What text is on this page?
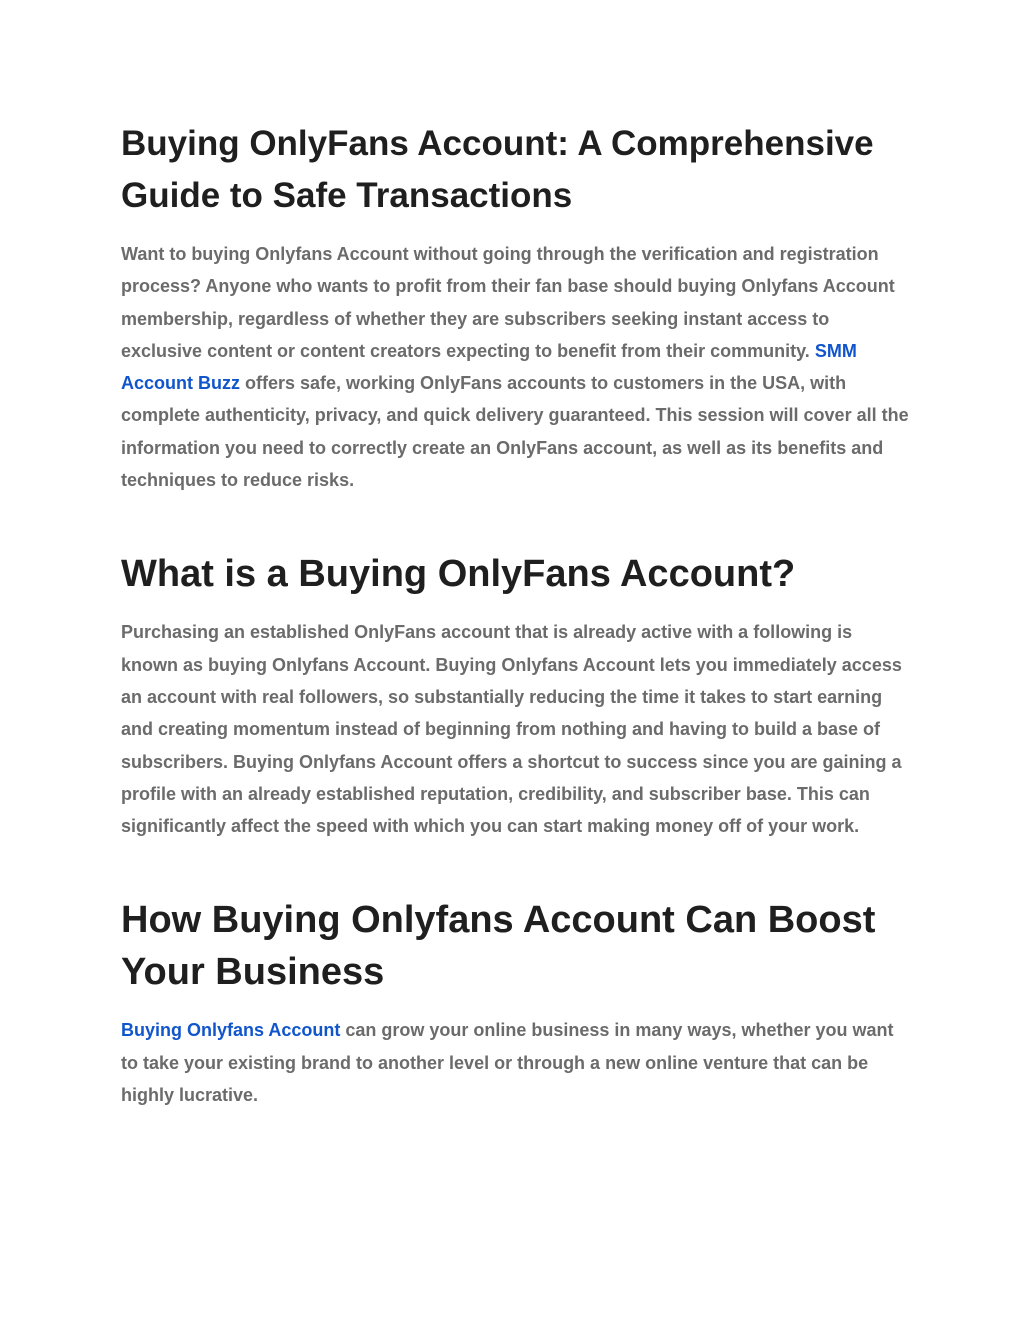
Buying OnlyFans Account: A Comprehensive Guide to Safe Transactions

Want to buying Onlyfans Account without going through the verification and registration process? Anyone who wants to profit from their fan base should buying Onlyfans Account membership, regardless of whether they are subscribers seeking instant access to exclusive content or content creators expecting to benefit from their community. SMM Account Buzz offers safe, working OnlyFans accounts to customers in the USA, with complete authenticity, privacy, and quick delivery guaranteed. This session will cover all the information you need to correctly create an OnlyFans account, as well as its benefits and techniques to reduce risks.

What is a Buying OnlyFans Account?

Purchasing an established OnlyFans account that is already active with a following is known as buying Onlyfans Account. Buying Onlyfans Account lets you immediately access an account with real followers, so substantially reducing the time it takes to start earning and creating momentum instead of beginning from nothing and having to build a base of subscribers. Buying Onlyfans Account offers a shortcut to success since you are gaining a profile with an already established reputation, credibility, and subscriber base. This can significantly affect the speed with which you can start making money off of your work.

How Buying Onlyfans Account Can Boost Your Business

Buying Onlyfans Account can grow your online business in many ways, whether you want to take your existing brand to another level or through a new online venture that can be highly lucrative.
